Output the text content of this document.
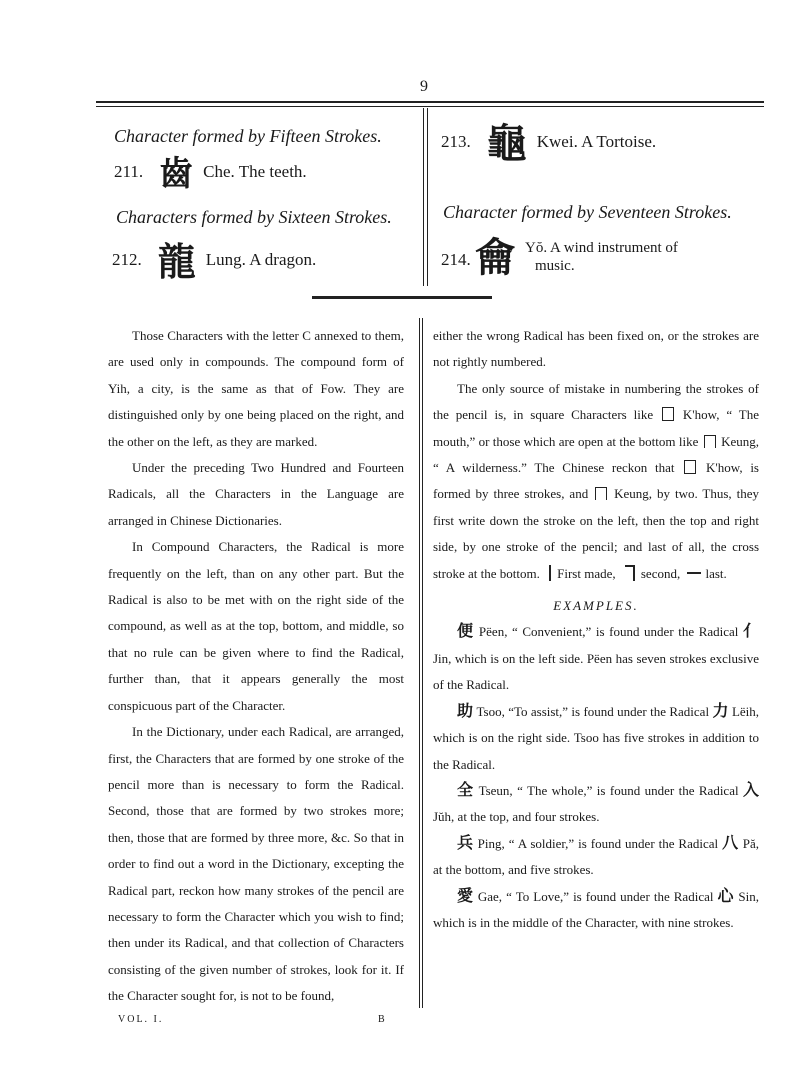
9
Character formed by Fifteen Strokes.
211. 齒 Che. The teeth.
Characters formed by Sixteen Strokes.
212. 龍 Lung. A dragon.
213. 龜 Kwei. A Tortoise.
Character formed by Seventeen Strokes.
214. 龠 Yŏ. A wind instrument of
music.

Those Characters with the letter C annexed to them, are used only in compounds. The compound form of Yih, a city, is the same as that of Fow. They are distinguished only by one being placed on the right, and the other on the left, as they are marked.

Under the preceding Two Hundred and Fourteen Radicals, all the Characters in the Language are arranged in Chinese Dictionaries.

In Compound Characters, the Radical is more frequently on the left, than on any other part. But the Radical is also to be met with on the right side of the compound, as well as at the top, bottom, and middle, so that no rule can be given where to find the Radical, further than, that it appears generally the most conspicuous part of the Character.

In the Dictionary, under each Radical, are arranged, first, the Characters that are formed by one stroke of the pencil more than is necessary to form the Radical. Second, those that are formed by two strokes more; then, those that are formed by three more, &c. So that in order to find out a word in the Dictionary, excepting the Radical part, reckon how many strokes of the pencil are necessary to form the Character which you wish to find; then under its Radical, and that collection of Characters consisting of the given number of strokes, look for it. If the Character sought for, is not to be found,

either the wrong Radical has been fixed on, or the strokes are not rightly numbered.

The only source of mistake in numbering the strokes of the pencil is, in square Characters like K'how, “ The mouth,” or those which are open at the bottom like Keung, “ A wilderness.” The Chinese reckon that K'how, is formed by three strokes, and Keung, by two. Thus, they first write down the stroke on the left, then the top and right side, by one stroke of the pencil; and last of all, the cross stroke at the bottom. First made, second, last.

EXAMPLES.

便 Pëen, “ Convenient,” is found under the Radical 亻 Jin, which is on the left side. Pëen has seven strokes exclusive of the Radical.

助 Tsoo, “To assist,” is found under the Radical 力 Lëih, which is on the right side. Tsoo has five strokes in addition to the Radical.

全 Tseun, “ The whole,” is found under the Radical 入 Jŭh, at the top, and four strokes.

兵 Ping, “ A soldier,” is found under the Radical 八 Pă, at the bottom, and five strokes.

愛 Gae, “ To Love,” is found under the Radical 心 Sin, which is in the middle of the Character, with nine strokes.

VOL. I.	B
